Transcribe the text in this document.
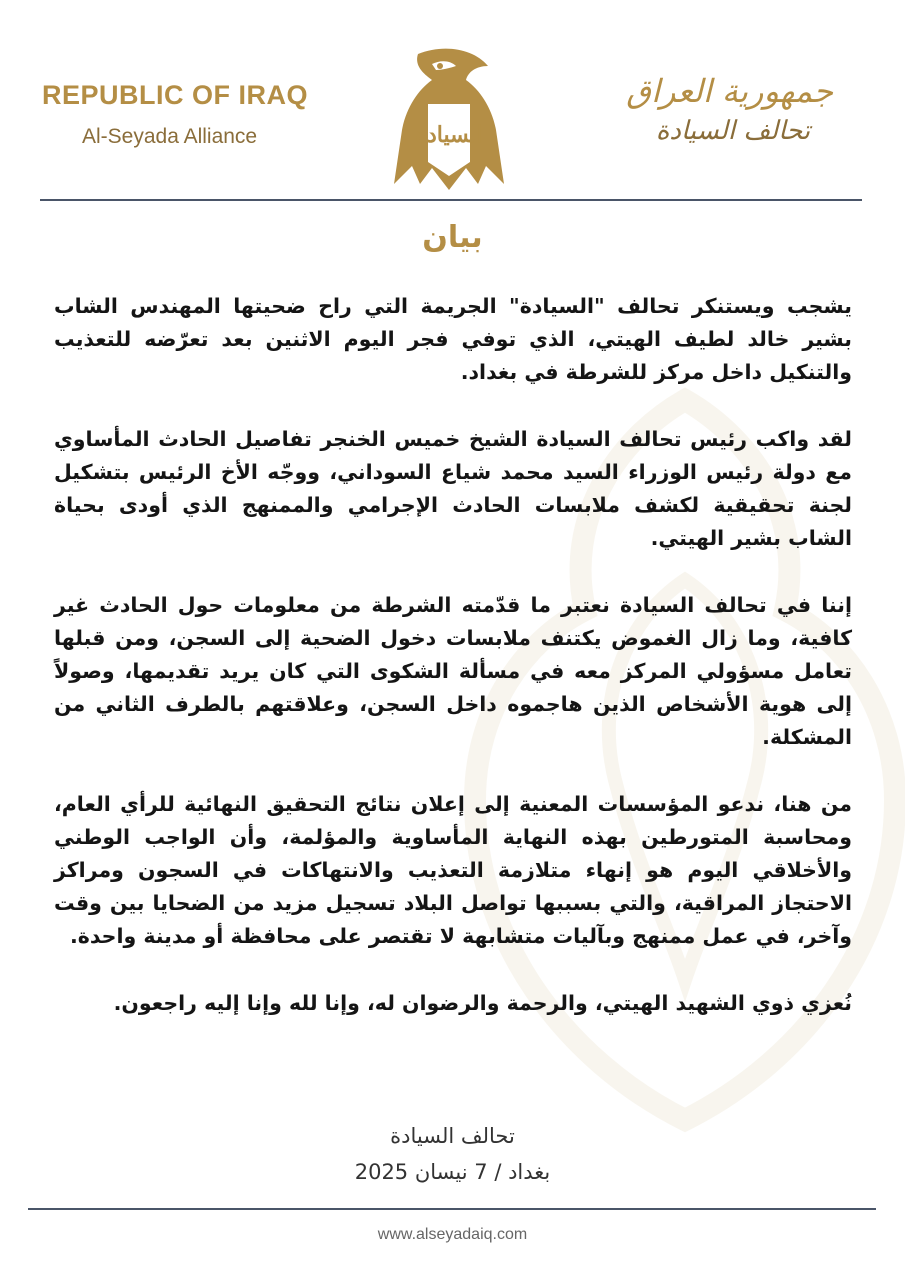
REPUBLIC OF IRAQ
Al-Seyada Alliance	السيادة
جمهورية العراق
تحالف السيادة
بيان

يشجب ويستنكر تحالف "السيادة" الجريمة التي راح ضحيتها المهندس الشاب بشير خالد لطيف الهيتي، الذي توفي فجر اليوم الاثنين بعد تعرّضه للتعذيب والتنكيل داخل مركز للشرطة في بغداد.

لقد واكب رئيس تحالف السيادة الشيخ خميس الخنجر تفاصيل الحادث المأساوي مع دولة رئيس الوزراء السيد محمد شياع السوداني، ووجّه الأخ الرئيس بتشكيل لجنة تحقيقية لكشف ملابسات الحادث الإجرامي والممنهج الذي أودى بحياة الشاب بشير الهيتي.

إننا في تحالف السيادة نعتبر ما قدّمته الشرطة من معلومات حول الحادث غير كافية، وما زال الغموض يكتنف ملابسات دخول الضحية إلى السجن، ومن قبلها تعامل مسؤولي المركز معه في مسألة الشكوى التي كان يريد تقديمها، وصولاً إلى هوية الأشخاص الذين هاجموه داخل السجن، وعلاقتهم بالطرف الثاني من المشكلة.

من هنا، ندعو المؤسسات المعنية إلى إعلان نتائج التحقيق النهائية للرأي العام، ومحاسبة المتورطين بهذه النهاية المأساوية والمؤلمة، وأن الواجب الوطني والأخلاقي اليوم هو إنهاء متلازمة التعذيب والانتهاكات في السجون ومراكز الاحتجاز المراقية، والتي بسببها تواصل البلاد تسجيل مزيد من الضحايا بين وقت وآخر، في عمل ممنهج وبآليات متشابهة لا تقتصر على محافظة أو مدينة واحدة.

نُعزي ذوي الشهيد الهيتي، والرحمة والرضوان له، وإنا لله وإنا إليه راجعون.

تحالف السيادة
بغداد / 7 نيسان 2025
www.alseyadaiq.com
